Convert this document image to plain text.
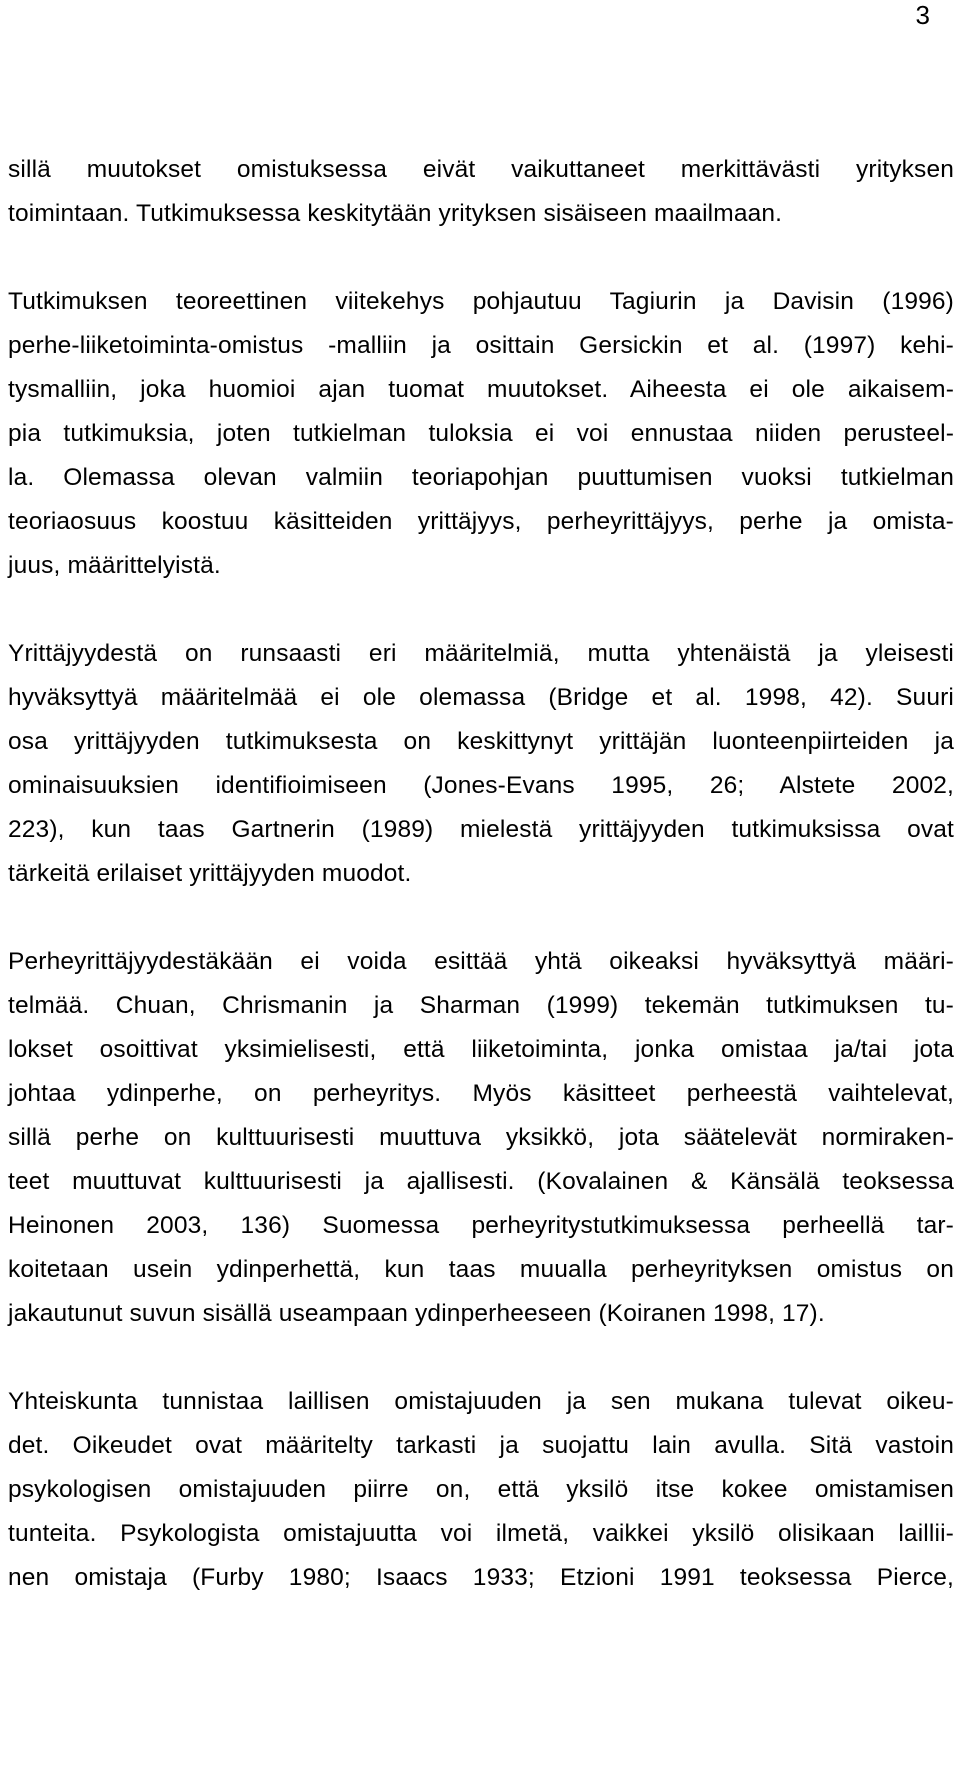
3
sillä muutokset omistuksessa eivät vaikuttaneet merkittävästi yrityksen
toimintaan. Tutkimuksessa keskitytään yrityksen sisäiseen maailmaan.
Tutkimuksen teoreettinen viitekehys pohjautuu Tagiurin ja Davisin (1996)
perhe-liiketoiminta-omistus -malliin ja osittain Gersickin et al. (1997) kehi-
tysmalliin, joka huomioi ajan tuomat muutokset. Aiheesta ei ole aikaisem-
pia tutkimuksia, joten tutkielman tuloksia ei voi ennustaa niiden perusteel-
la. Olemassa olevan valmiin teoriapohjan puuttumisen vuoksi tutkielman
teoriaosuus koostuu käsitteiden yrittäjyys, perheyrittäjyys, perhe ja omista-
juus, määrittelyistä.
Yrittäjyydestä on runsaasti eri määritelmiä, mutta yhtenäistä ja yleisesti
hyväksyttyä määritelmää ei ole olemassa (Bridge et al. 1998, 42). Suuri
osa yrittäjyyden tutkimuksesta on keskittynyt yrittäjän luonteenpiirteiden ja
ominaisuuksien identifioimiseen (Jones-Evans 1995, 26; Alstete 2002,
223), kun taas Gartnerin (1989) mielestä yrittäjyyden tutkimuksissa ovat
tärkeitä erilaiset yrittäjyyden muodot.
Perheyrittäjyydestäkään ei voida esittää yhtä oikeaksi hyväksyttyä määri-
telmää. Chuan, Chrismanin ja Sharman (1999) tekemän tutkimuksen tu-
lokset osoittivat yksimielisesti, että liiketoiminta, jonka omistaa ja/tai jota
johtaa ydinperhe, on perheyritys. Myös käsitteet perheestä vaihtelevat,
sillä perhe on kulttuurisesti muuttuva yksikkö, jota säätelevät normiraken-
teet muuttuvat kulttuurisesti ja ajallisesti. (Kovalainen & Känsälä teoksessa
Heinonen 2003, 136) Suomessa perheyritystutkimuksessa perheellä tar-
koitetaan usein ydinperhettä, kun taas muualla perheyrityksen omistus on
jakautunut suvun sisällä useampaan ydinperheeseen (Koiranen 1998, 17).
Yhteiskunta tunnistaa laillisen omistajuuden ja sen mukana tulevat oikeu-
det. Oikeudet ovat määritelty tarkasti ja suojattu lain avulla. Sitä vastoin
psykologisen omistajuuden piirre on, että yksilö itse kokee omistamisen
tunteita. Psykologista omistajuutta voi ilmetä, vaikkei yksilö olisikaan laillii-
nen omistaja (Furby 1980; Isaacs 1933; Etzioni 1991 teoksessa Pierce,
